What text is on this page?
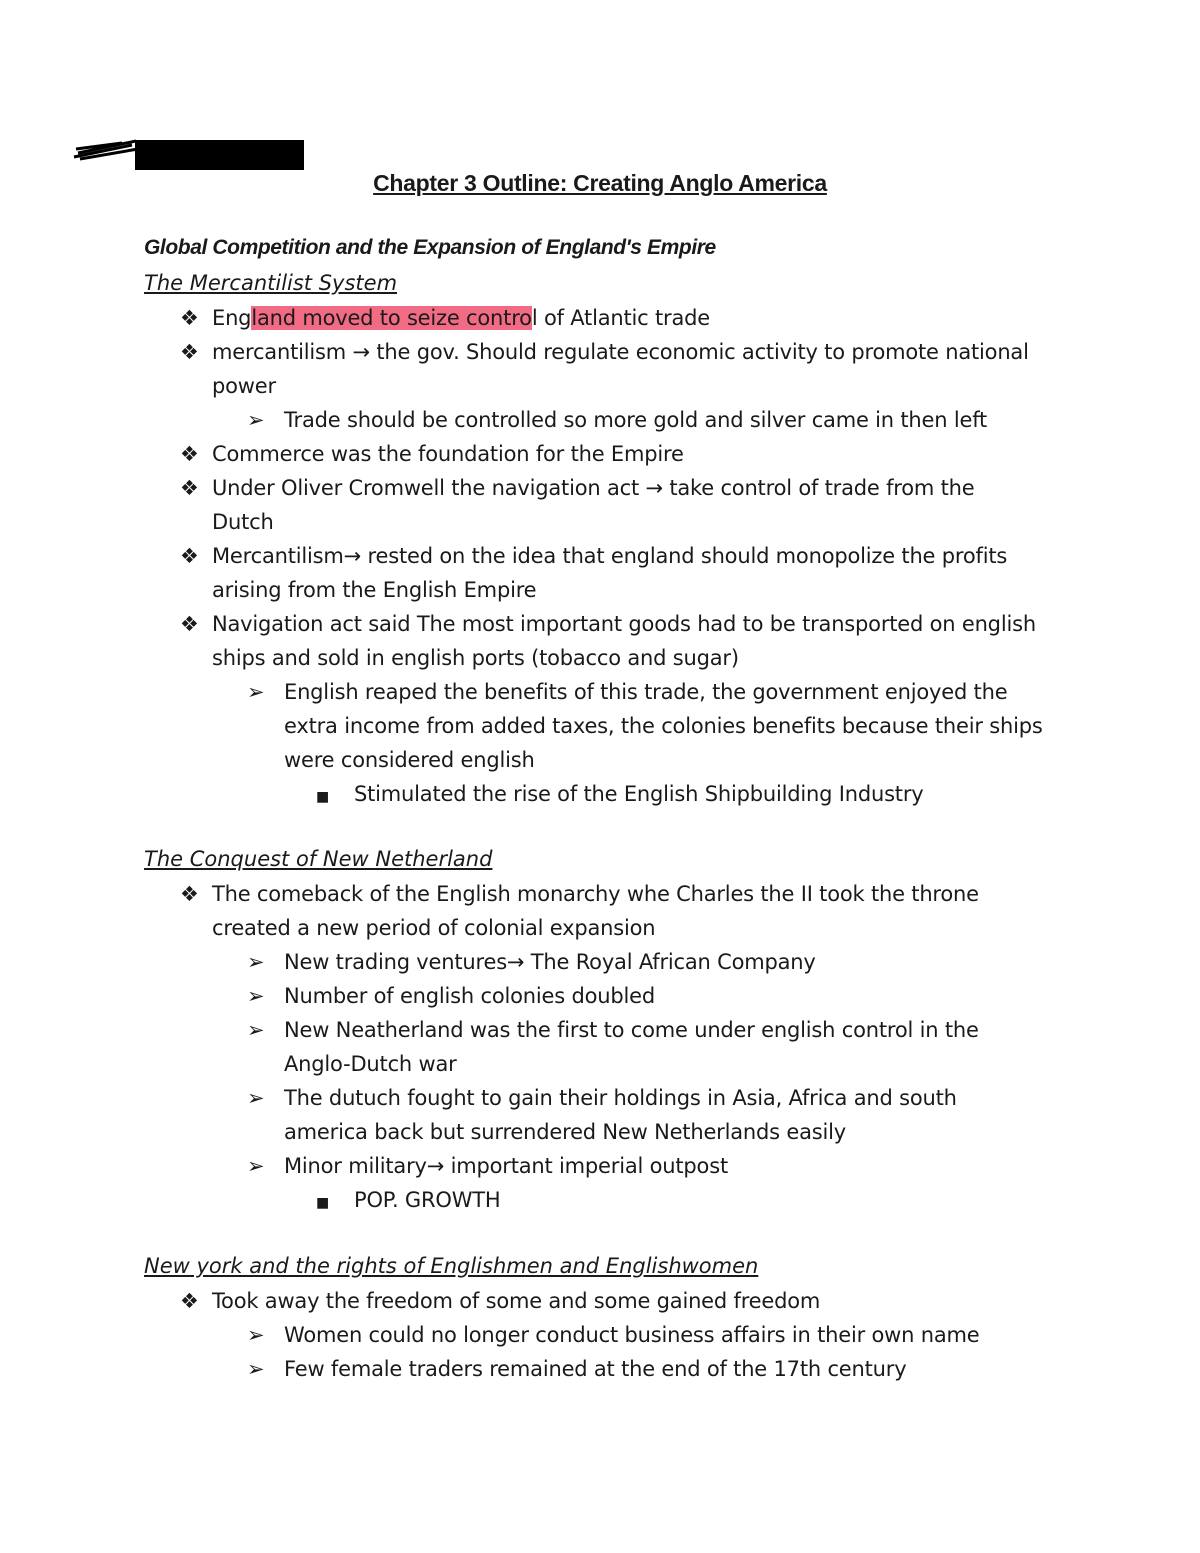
Chapter 3 Outline: Creating Anglo America
Global Competition and the Expansion of England's Empire
The Mercantilist System
❖ England moved to seize control of Atlantic trade
❖ mercantilism → the gov. Should regulate economic activity to promote national
power
➢ Trade should be controlled so more gold and silver came in then left
❖ Commerce was the foundation for the Empire
❖ Under Oliver Cromwell the navigation act → take control of trade from the
Dutch
❖ Mercantilism→ rested on the idea that england should monopolize the profits
arising from the English Empire
❖ Navigation act said The most important goods had to be transported on english
ships and sold in english ports (tobacco and sugar)
➢ English reaped the benefits of this trade, the government enjoyed the
extra income from added taxes, the colonies benefits because their ships
were considered english
■ Stimulated the rise of the English Shipbuilding Industry
The Conquest of New Netherland
❖ The comeback of the English monarchy whe Charles the II took the throne
created a new period of colonial expansion
➢ New trading ventures→ The Royal African Company
➢ Number of english colonies doubled
➢ New Neatherland was the first to come under english control in the
Anglo-Dutch war
➢ The dutuch fought to gain their holdings in Asia, Africa and south
america back but surrendered New Netherlands easily
➢ Minor military→ important imperial outpost
■ POP. GROWTH
New york and the rights of Englishmen and Englishwomen
❖ Took away the freedom of some and some gained freedom
➢ Women could no longer conduct business affairs in their own name
➢ Few female traders remained at the end of the 17th century
